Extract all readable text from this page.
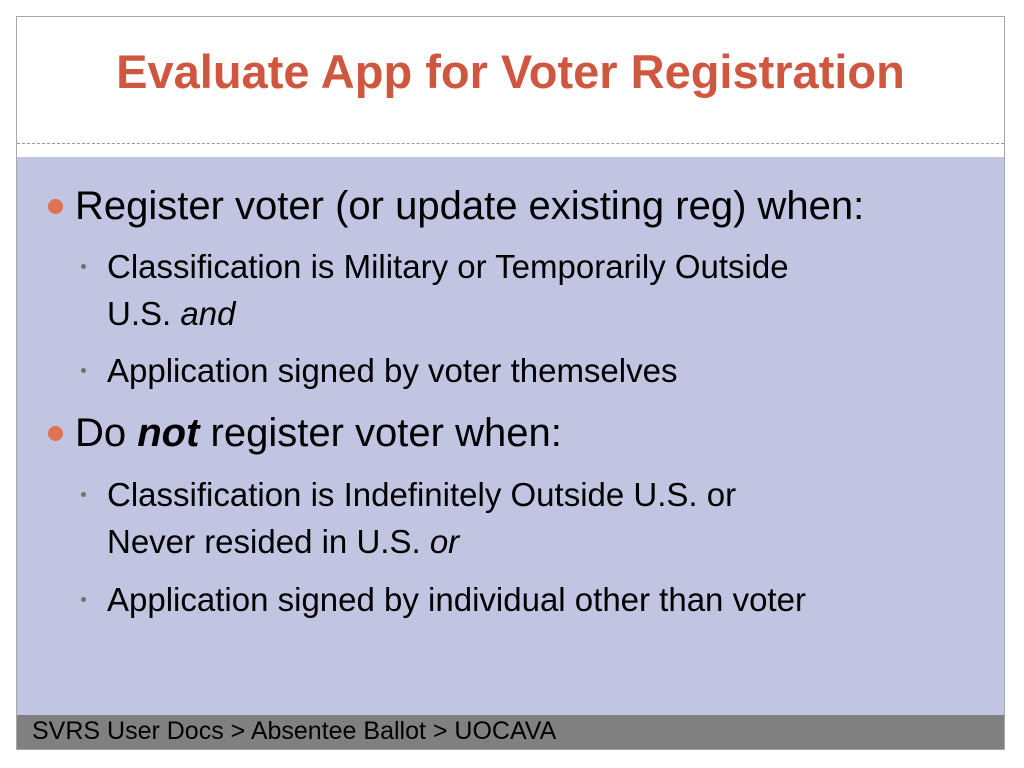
Evaluate App for Voter Registration
Register voter (or update existing reg) when:
Classification is Military or Temporarily Outside
U.S. and
Application signed by voter themselves
Do not register voter when:
Classification is Indefinitely Outside U.S. or
Never resided in U.S. or
Application signed by individual other than voter
SVRS User Docs > Absentee Ballot > UOCAVA
